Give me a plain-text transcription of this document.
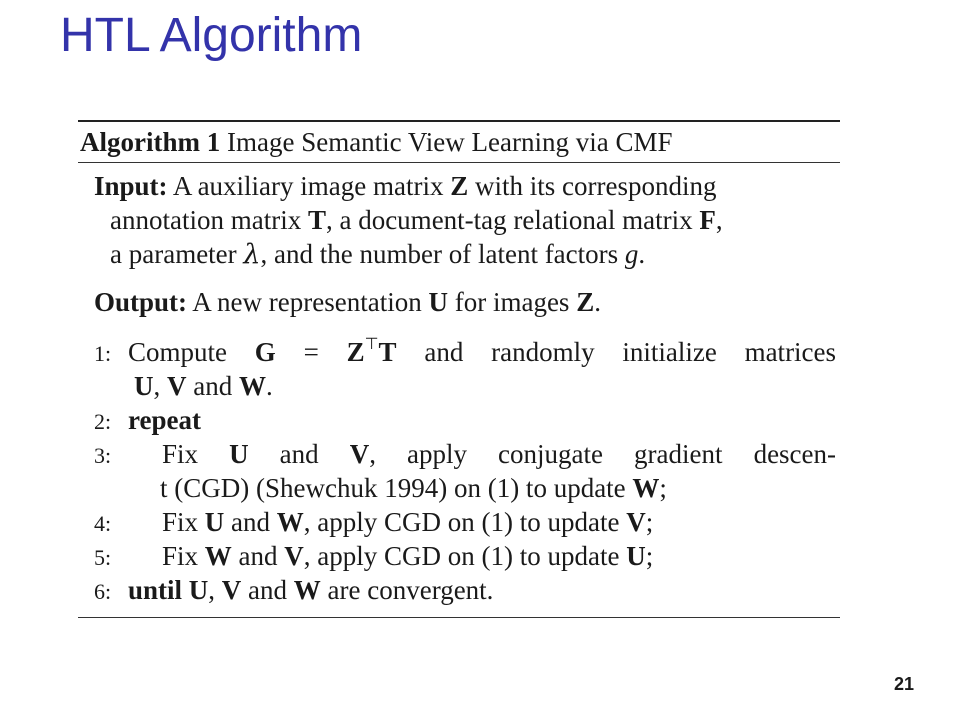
HTL Algorithm
Algorithm 1 Image Semantic View Learning via CMF
Input: A auxiliary image matrix Z with its corresponding
annotation matrix T, a document-tag relational matrix F,
a parameter λ, and the number of latent factors g.
Output: A new representation U for images Z.
1: Compute G = Z⊤T and randomly initialize matrices
U, V and W.
2: repeat
3: Fix U and V, apply conjugate gradient descen-
t (CGD) (Shewchuk 1994) on (1) to update W;
4: Fix U and W, apply CGD on (1) to update V;
5: Fix W and V, apply CGD on (1) to update U;
6: until U, V and W are convergent.
21
